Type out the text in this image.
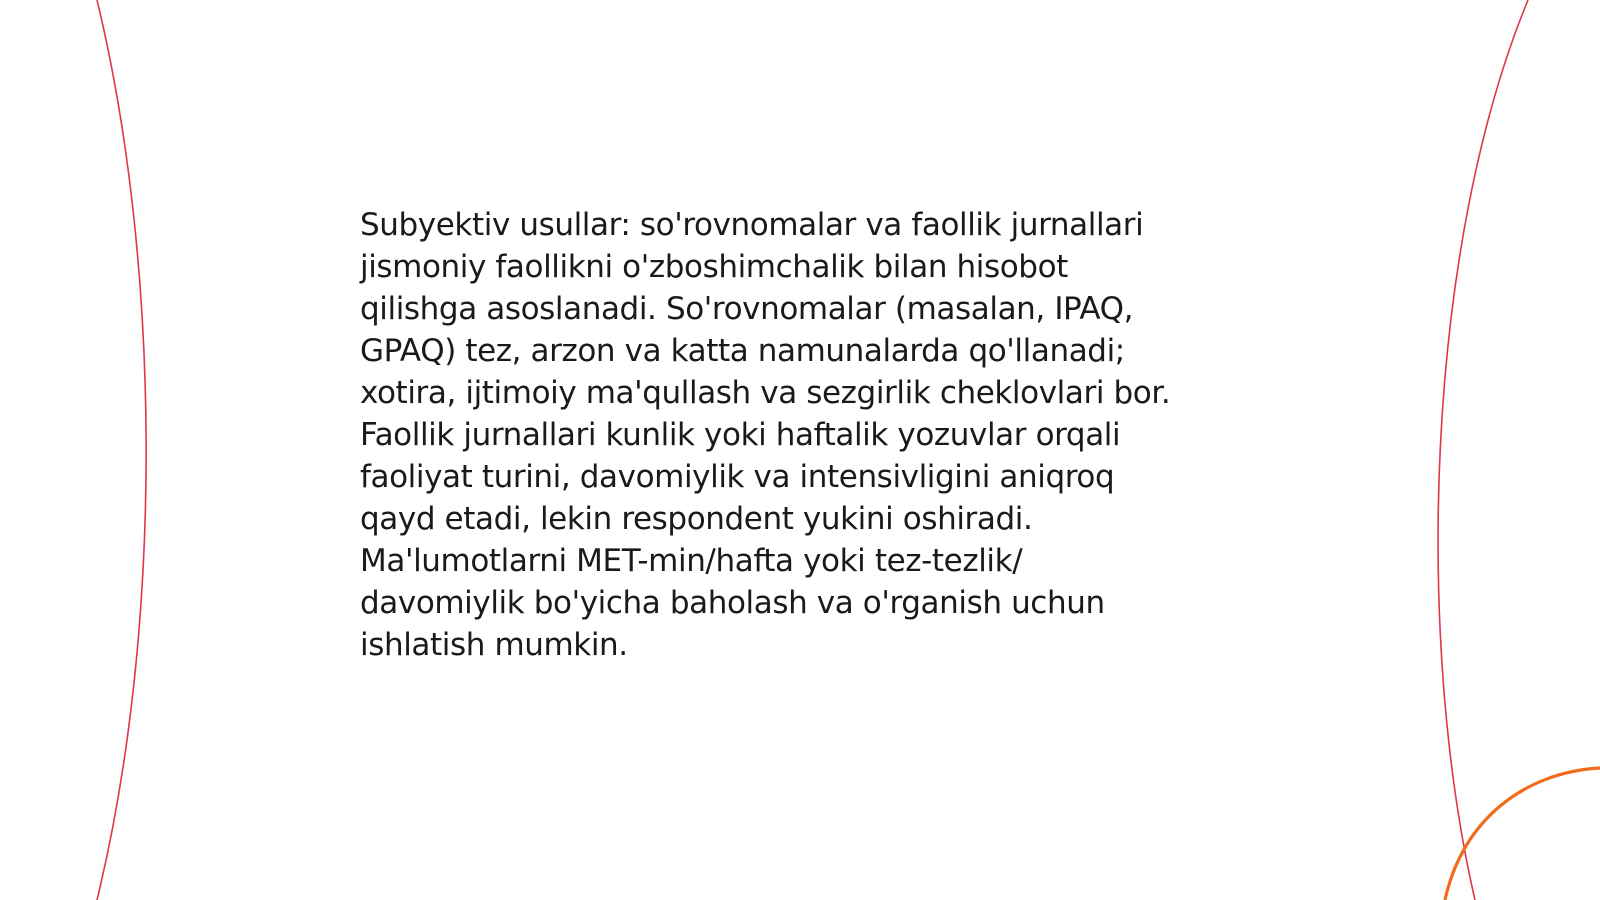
Subyektiv usullar: so'rovnomalar va faollik jurnallari
jismoniy faollikni o'zboshimchalik bilan hisobot
qilishga asoslanadi. So'rovnomalar (masalan, IPAQ,
GPAQ) tez, arzon va katta namunalarda qo'llanadi;
xotira, ijtimoiy ma'qullash va sezgirlik cheklovlari bor.
Faollik jurnallari kunlik yoki haftalik yozuvlar orqali
faoliyat turini, davomiylik va intensivligini aniqroq
qayd etadi, lekin respondent yukini oshiradi.
Ma'lumotlarni MET-min/hafta yoki tez-tezlik/
davomiylik bo'yicha baholash va o'rganish uchun
ishlatish mumkin.
